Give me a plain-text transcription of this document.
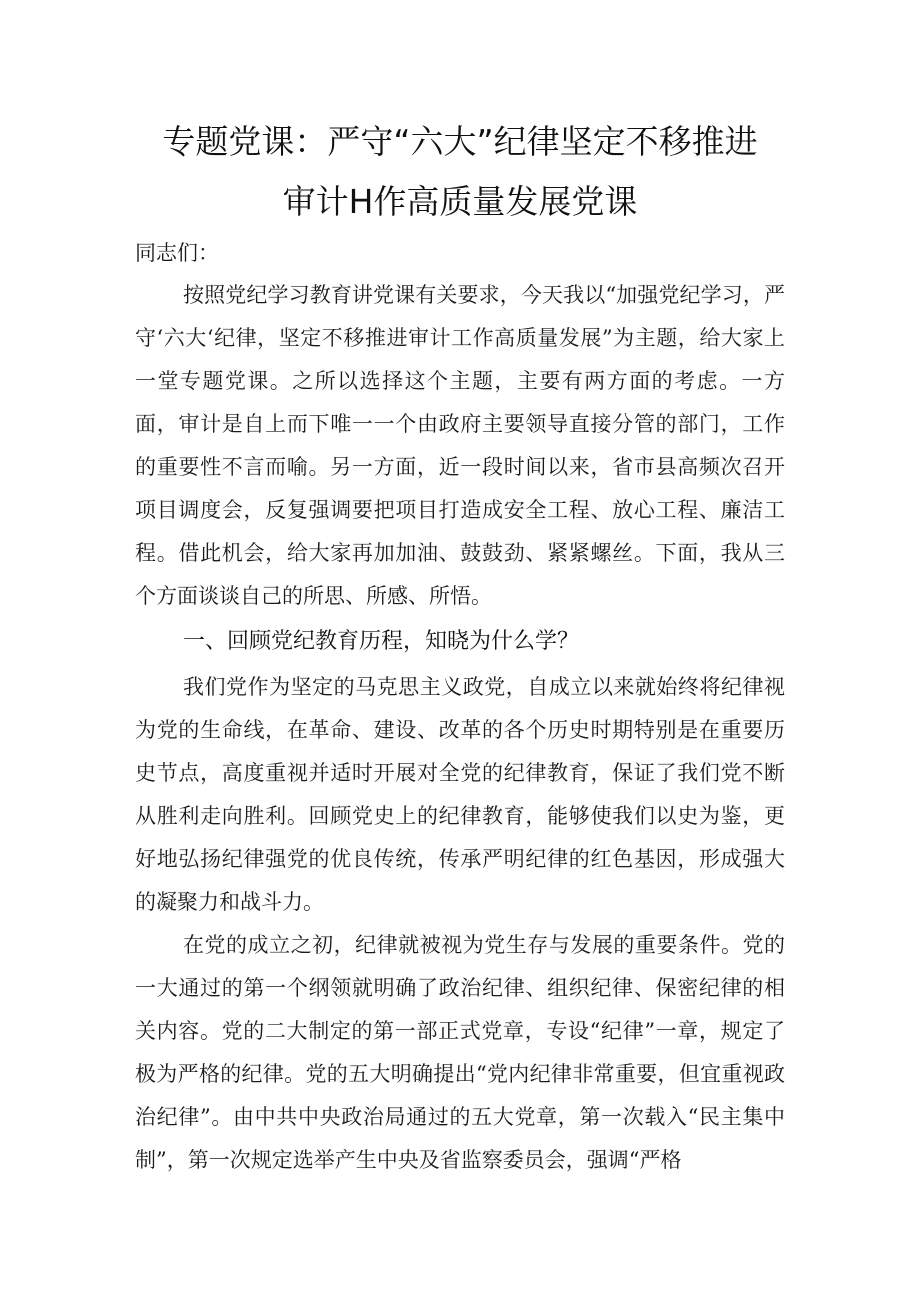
专题党课：严守“六大”纪律坚定不移推进
审计H作高质量发展党课
同志们：

按照党纪学习教育讲党课有关要求，今天我以“加强党纪学习，严守‘六大‘纪律，坚定不移推进审计工作高质量发展”为主题，给大家上一堂专题党课。之所以选择这个主题，主要有两方面的考虑。一方面，审计是自上而下唯一一个由政府主要领导直接分管的部门，工作的重要性不言而喻。另一方面，近一段时间以来，省市县高频次召开项目调度会，反复强调要把项目打造成安全工程、放心工程、廉洁工程。借此机会，给大家再加加油、鼓鼓劲、紧紧螺丝。下面，我从三个方面谈谈自己的所思、所感、所悟。

一、回顾党纪教育历程，知晓为什么学？

我们党作为坚定的马克思主义政党，自成立以来就始终将纪律视为党的生命线，在革命、建设、改革的各个历史时期特别是在重要历史节点，高度重视并适时开展对全党的纪律教育，保证了我们党不断从胜利走向胜利。回顾党史上的纪律教育，能够使我们以史为鉴，更好地弘扬纪律强党的优良传统，传承严明纪律的红色基因，形成强大的凝聚力和战斗力。

在党的成立之初，纪律就被视为党生存与发展的重要条件。党的一大通过的第一个纲领就明确了政治纪律、组织纪律、保密纪律的相关内容。党的二大制定的第一部正式党章，专设“纪律”一章，规定了极为严格的纪律。党的五大明确提出“党内纪律非常重要，但宜重视政治纪律”。由中共中央政治局通过的五大党章，第一次载入“民主集中制”，第一次规定选举产生中央及省监察委员会，强调“严格
